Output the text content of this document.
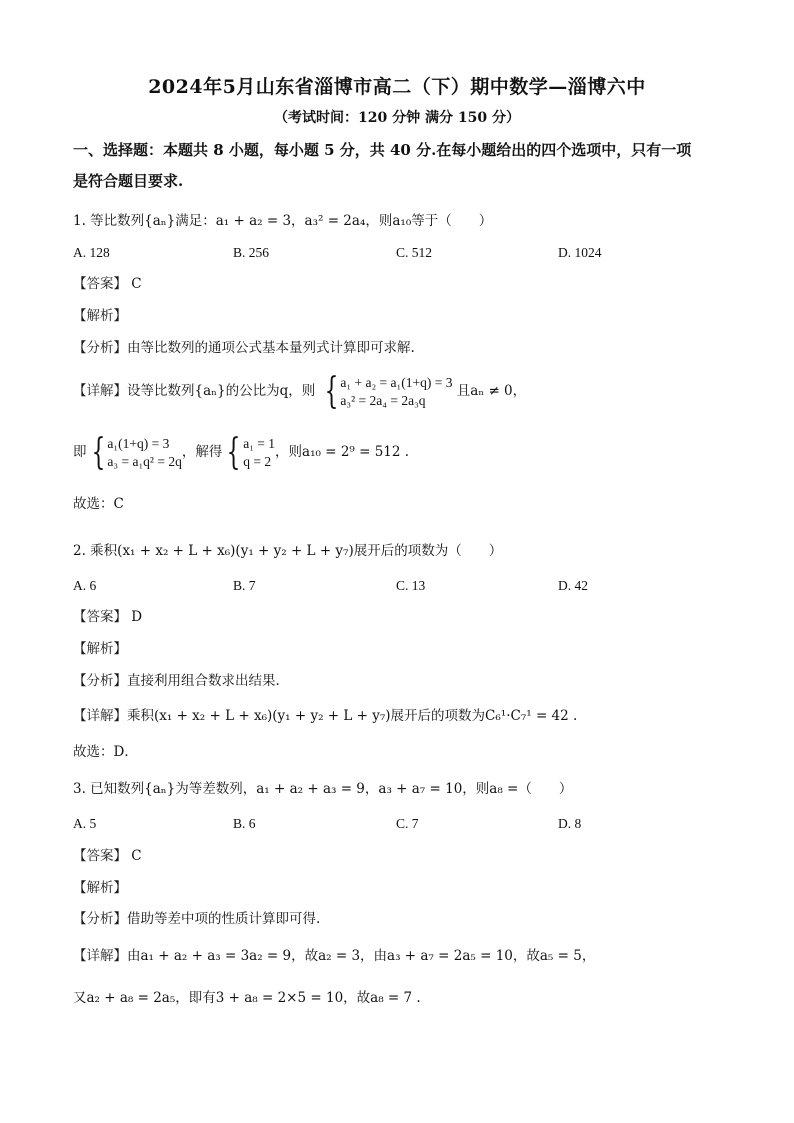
2024年5月山东省淄博市高二（下）期中数学—淄博六中
（考试时间：120 分钟 满分 150 分）
一、选择题：本题共 8 小题，每小题 5 分，共 40 分.在每小题给出的四个选项中，只有一项
是符合题目要求.
1. 等比数列{aₙ}满足：a₁ + a₂ = 3，a₃² = 2a₄，则a₁₀等于（　　）
A. 128	B. 256	C. 512	D. 1024
【 答案 】 C
【 解析 】
【 分析 】 由等比数列的通项公式基本量列式计算即可求解.
【 详解 】 设等比数列{aₙ}的公比为q，则 { a₁ + a₂ = a₁(1+q) = 3
a₃² = 2a₄ = 2a₃q 且aₙ ≠ 0，
即 { a₁(1+q) = 3
a₃ = a₁q² = 2q，解得 { a₁ = 1
q = 2，则a₁₀ = 2⁹ = 512 .
故选：C
2. 乘积(x₁ + x₂ + L + x₆)(y₁ + y₂ + L + y₇)展开后的项数为（　　）
A. 6	B. 7	C. 13	D. 42
【 答案 】 D
【 解析 】
【 分析 】 直接利用组合数求出结果．
【 详解 】 乘积(x₁ + x₂ + L + x₆)(y₁ + y₂ + L + y₇)展开后的项数为C₆¹·C₇¹ = 42 .
故选：D．
3. 已知数列{aₙ}为等差数列，a₁ + a₂ + a₃ = 9，a₃ + a₇ = 10，则a₈ =（　　）
A. 5	B. 6	C. 7	D. 8
【 答案 】 C
【 解析 】
【 分析 】 借助等差中项的性质计算即可得.
【 详解 】 由a₁ + a₂ + a₃ = 3a₂ = 9，故a₂ = 3，由a₃ + a₇ = 2a₅ = 10，故a₅ = 5，
又a₂ + a₈ = 2a₅，即有3 + a₈ = 2×5 = 10，故a₈ = 7 .
